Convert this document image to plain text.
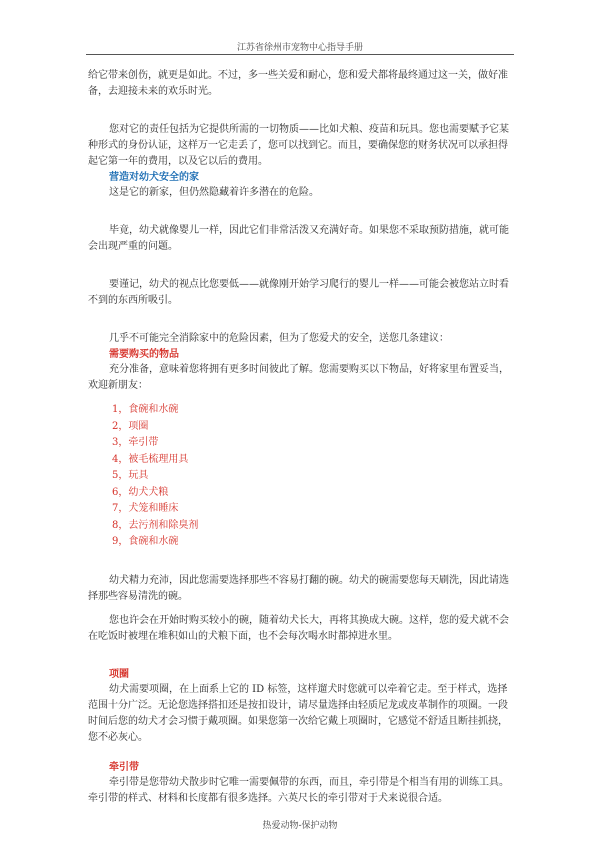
江苏省徐州市宠物中心指导手册

给它带来创伤，就更是如此。不过，多一些关爱和耐心，您和爱犬都将最终通过这一关，做好准备，去迎接未来的欢乐时光。

您对它的责任包括为它提供所需的一切物质——比如犬粮、疫苗和玩具。您也需要赋予它某种形式的身份认证，这样万一它走丢了，您可以找到它。而且，要确保您的财务状况可以承担得起它第一年的费用，以及它以后的费用。

营造对幼犬安全的家

这是它的新家，但仍然隐藏着许多潜在的危险。

毕竟，幼犬就像婴儿一样，因此它们非常活泼又充满好奇。如果您不采取预防措施，就可能会出现严重的问题。

要谨记，幼犬的视点比您要低——就像刚开始学习爬行的婴儿一样——可能会被您站立时看不到的东西所吸引。

几乎不可能完全消除家中的危险因素，但为了您爱犬的安全，送您几条建议：

需要购买的物品

充分准备，意味着您将拥有更多时间彼此了解。您需要购买以下物品，好将家里布置妥当，欢迎新朋友：

1，食碗和水碗
2，项圈
3，牵引带
4，被毛梳理用具
5，玩具
6，幼犬犬粮
7，犬笼和睡床
8，去污剂和除臭剂
9，食碗和水碗

幼犬精力充沛，因此您需要选择那些不容易打翻的碗。幼犬的碗需要您每天刷洗，因此请选择那些容易清洗的碗。

您也许会在开始时购买较小的碗，随着幼犬长大，再将其换成大碗。这样，您的爱犬就不会在吃饭时被埋在堆积如山的犬粮下面，也不会每次喝水时都掉进水里。

项圈

幼犬需要项圈，在上面系上它的 ID 标签，这样遛犬时您就可以牵着它走。至于样式，选择范围十分广泛。无论您选择搭扣还是按扣设计，请尽量选择由轻质尼龙或皮革制作的项圈。一段时间后您的幼犬才会习惯于戴项圈。如果您第一次给它戴上项圈时，它感觉不舒适且断挂抓挠，您不必灰心。

牵引带

牵引带是您带幼犬散步时它唯一需要佩带的东西，而且，牵引带是个相当有用的训练工具。牵引带的样式、材料和长度都有很多选择。六英尺长的牵引带对于犬来说很合适。

热爱动物-保护动物
